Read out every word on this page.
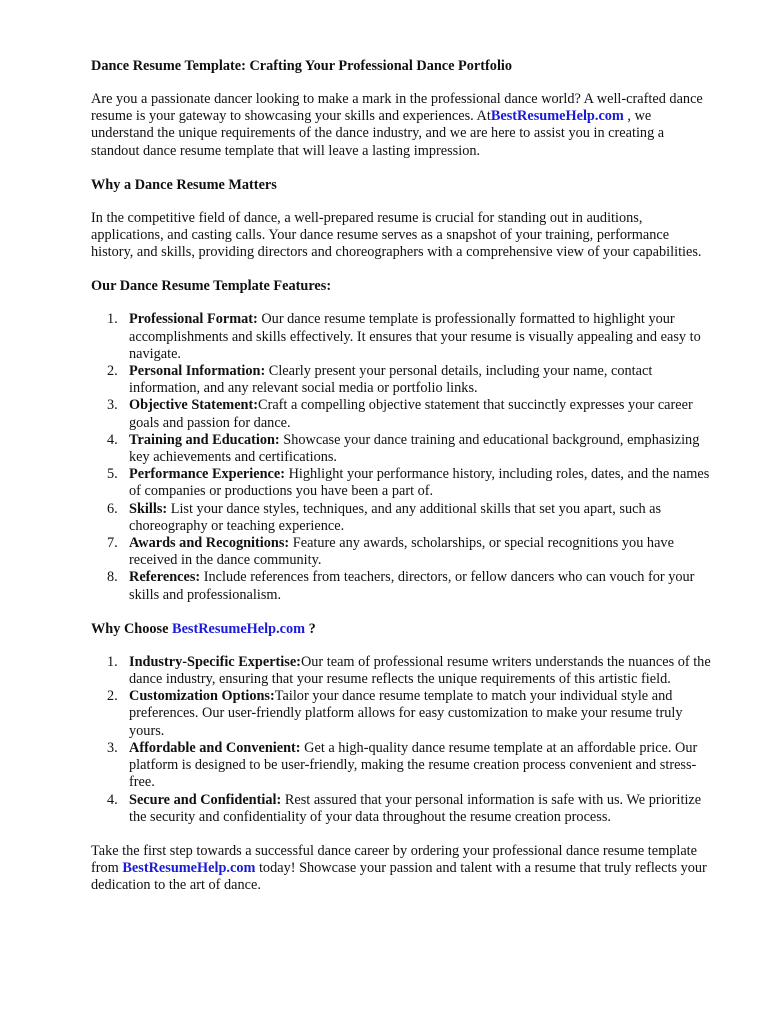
Dance Resume Template: Crafting Your Professional Dance Portfolio

Are you a passionate dancer looking to make a mark in the professional dance world? A well-crafted dance resume is your gateway to showcasing your skills and experiences. AtBestResumeHelp.com , we understand the unique requirements of the dance industry, and we are here to assist you in creating a standout dance resume template that will leave a lasting impression.

Why a Dance Resume Matters

In the competitive field of dance, a well-prepared resume is crucial for standing out in auditions, applications, and casting calls. Your dance resume serves as a snapshot of your training, performance history, and skills, providing directors and choreographers with a comprehensive view of your capabilities.

Our Dance Resume Template Features:
1. Professional Format: Our dance resume template is professionally formatted to highlight your accomplishments and skills effectively. It ensures that your resume is visually appealing and easy to navigate.
2. Personal Information: Clearly present your personal details, including your name, contact information, and any relevant social media or portfolio links.
3. Objective Statement:Craft a compelling objective statement that succinctly expresses your career goals and passion for dance.
4. Training and Education: Showcase your dance training and educational background, emphasizing key achievements and certifications.
5. Performance Experience: Highlight your performance history, including roles, dates, and the names of companies or productions you have been a part of.
6. Skills: List your dance styles, techniques, and any additional skills that set you apart, such as choreography or teaching experience.
7. Awards and Recognitions: Feature any awards, scholarships, or special recognitions you have received in the dance community.
8. References: Include references from teachers, directors, or fellow dancers who can vouch for your skills and professionalism.
Why Choose BestResumeHelp.com ?
1. Industry-Specific Expertise:Our team of professional resume writers understands the nuances of the dance industry, ensuring that your resume reflects the unique requirements of this artistic field.
2. Customization Options:Tailor your dance resume template to match your individual style and preferences. Our user-friendly platform allows for easy customization to make your resume truly yours.
3. Affordable and Convenient: Get a high-quality dance resume template at an affordable price. Our platform is designed to be user-friendly, making the resume creation process convenient and stress-free.
4. Secure and Confidential: Rest assured that your personal information is safe with us. We prioritize the security and confidentiality of your data throughout the resume creation process.

Take the first step towards a successful dance career by ordering your professional dance resume template from BestResumeHelp.com today! Showcase your passion and talent with a resume that truly reflects your dedication to the art of dance.
